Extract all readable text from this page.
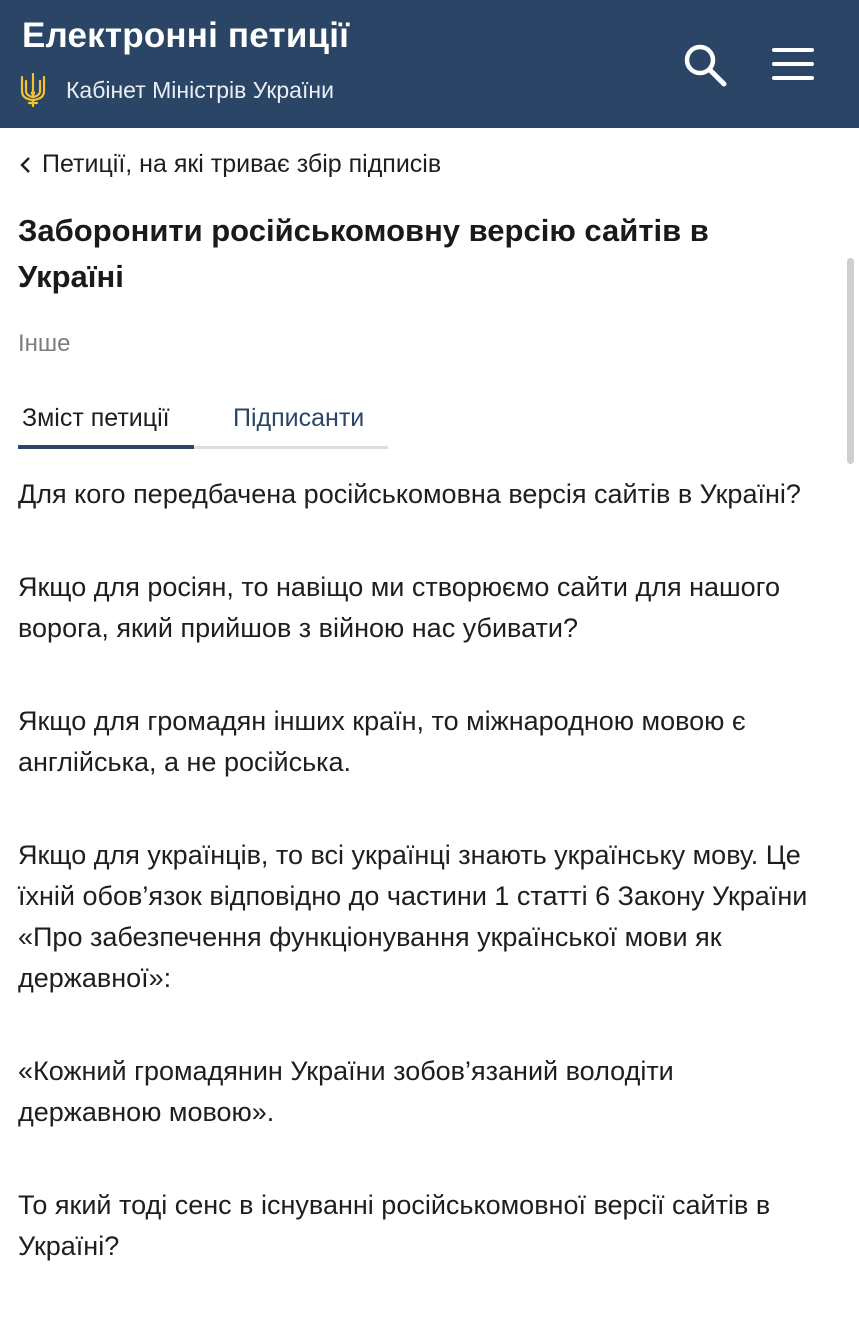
Електронні петиції
Кабінет Міністрів України
Петиції, на які триває збір підписів
Заборонити російськомовну версію сайтів в Україні
Інше
Зміст петиції	Підписанти

Для кого передбачена російськомовна версія сайтів в Україні?

Якщо для росіян, то навіщо ми створюємо сайти для нашого ворога, який прийшов з війною нас убивати?

Якщо для громадян інших країн, то міжнародною мовою є англійська, а не російська.

Якщо для українців, то всі українці знають українську мову. Це їхній обов’язок відповідно до частини 1 статті 6 Закону України «Про забезпечення функціонування української мови як державної»:

«Кожний громадянин України зобов’язаний володіти державною мовою».

То який тоді сенс в існуванні російськомовної версії сайтів в Україні?
